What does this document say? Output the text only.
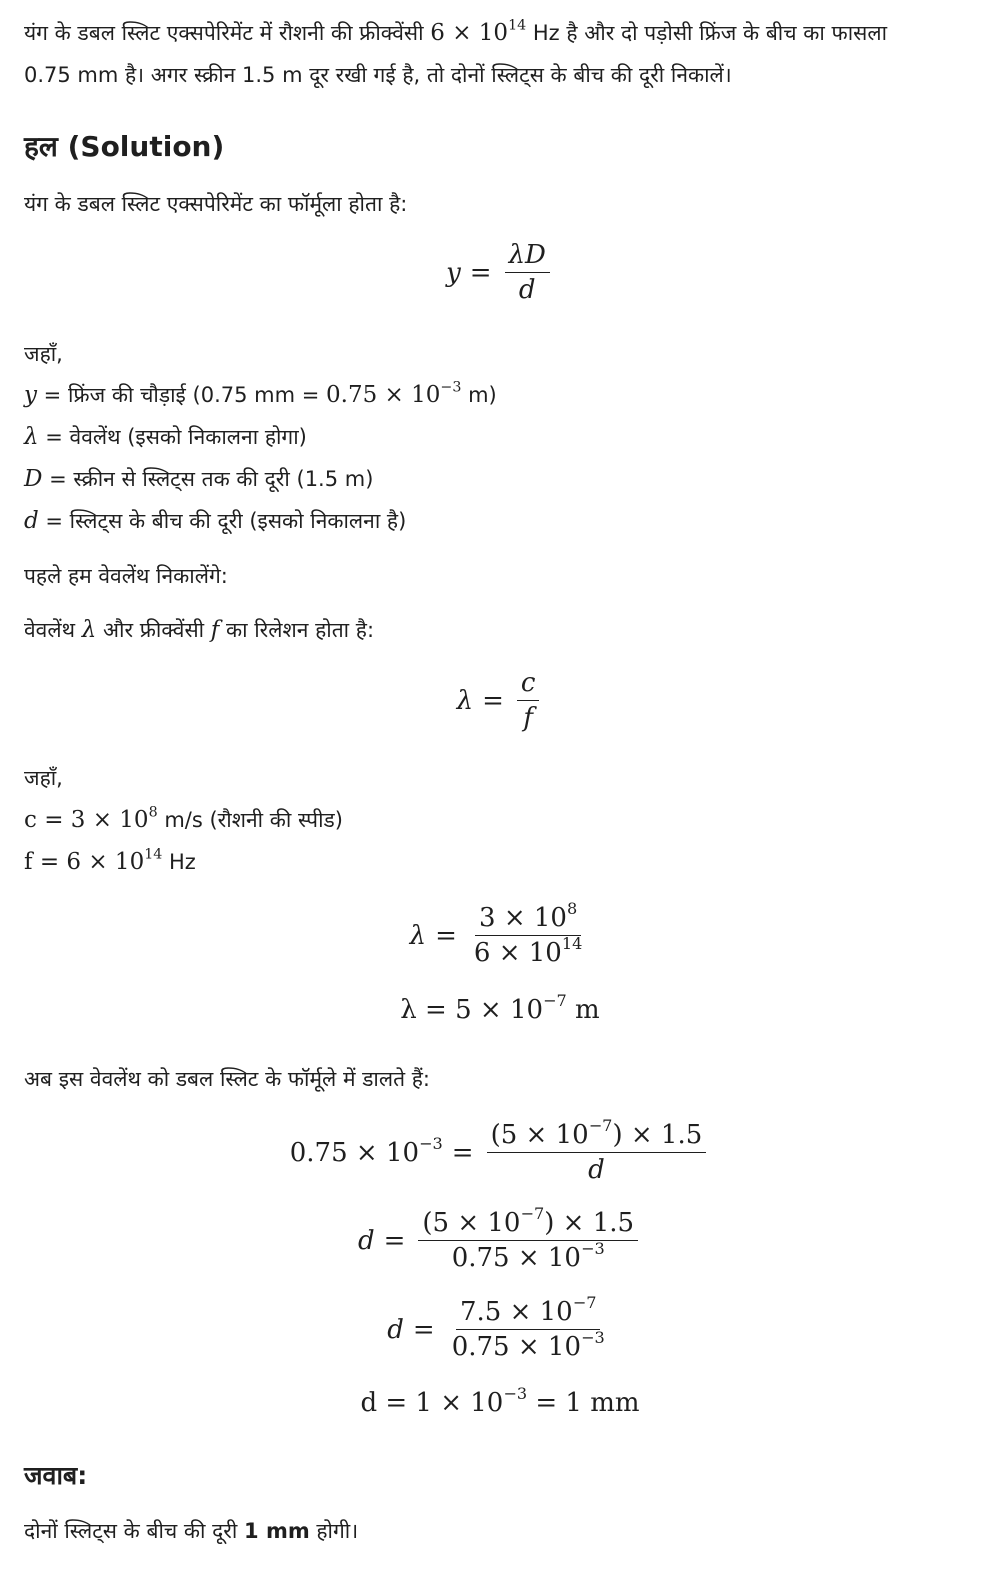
यंग के डबल स्लिट एक्सपेरिमेंट में रौशनी की फ्रीक्वेंसी $6 \times 10^{14}$ Hz है और दो पड़ोसी फ्रिंज के बीच का फासला
0.75 mm है। अगर स्क्रीन 1.5 m दूर रखी गई है, तो दोनों स्लिट्स के बीच की दूरी निकालें।

हल (Solution)

यंग के डबल स्लिट एक्सपेरिमेंट का फॉर्मूला होता है:

$y = \frac{\lambda D}{d}$

जहाँ,

y = फ्रिंज की चौड़ाई (0.75 mm = $0.75 \times 10^{-3}$ m)

λ = वेवलेंथ (इसको निकालना होगा)

D = स्क्रीन से स्लिट्स तक की दूरी (1.5 m)

d = स्लिट्स के बीच की दूरी (इसको निकालना है)

पहले हम वेवलेंथ निकालेंगे:

वेवलेंथ λ और फ्रीक्वेंसी f का रिलेशन होता है:

$\lambda = \frac{c}{f}$

जहाँ,

$c = 3 \times 10^8$ m/s (रौशनी की स्पीड)

$f = 6 \times 10^{14}$ Hz

$\lambda = \frac{3 \times 10^8}{6 \times 10^{14}}$
$\lambda = 5 \times 10^{-7}$ m

अब इस वेवलेंथ को डबल स्लिट के फॉर्मूले में डालते हैं:

$0.75 \times 10^{-3} = \frac{(5 \times 10^{-7}) \times 1.5}{d}$
$d = \frac{(5 \times 10^{-7}) \times 1.5}{0.75 \times 10^{-3}}$
$d = \frac{7.5 \times 10^{-7}}{0.75 \times 10^{-3}}$
$d = 1 \times 10^{-3} = 1$ mm
जवाब:

दोनों स्लिट्स के बीच की दूरी 1 mm होगी।
